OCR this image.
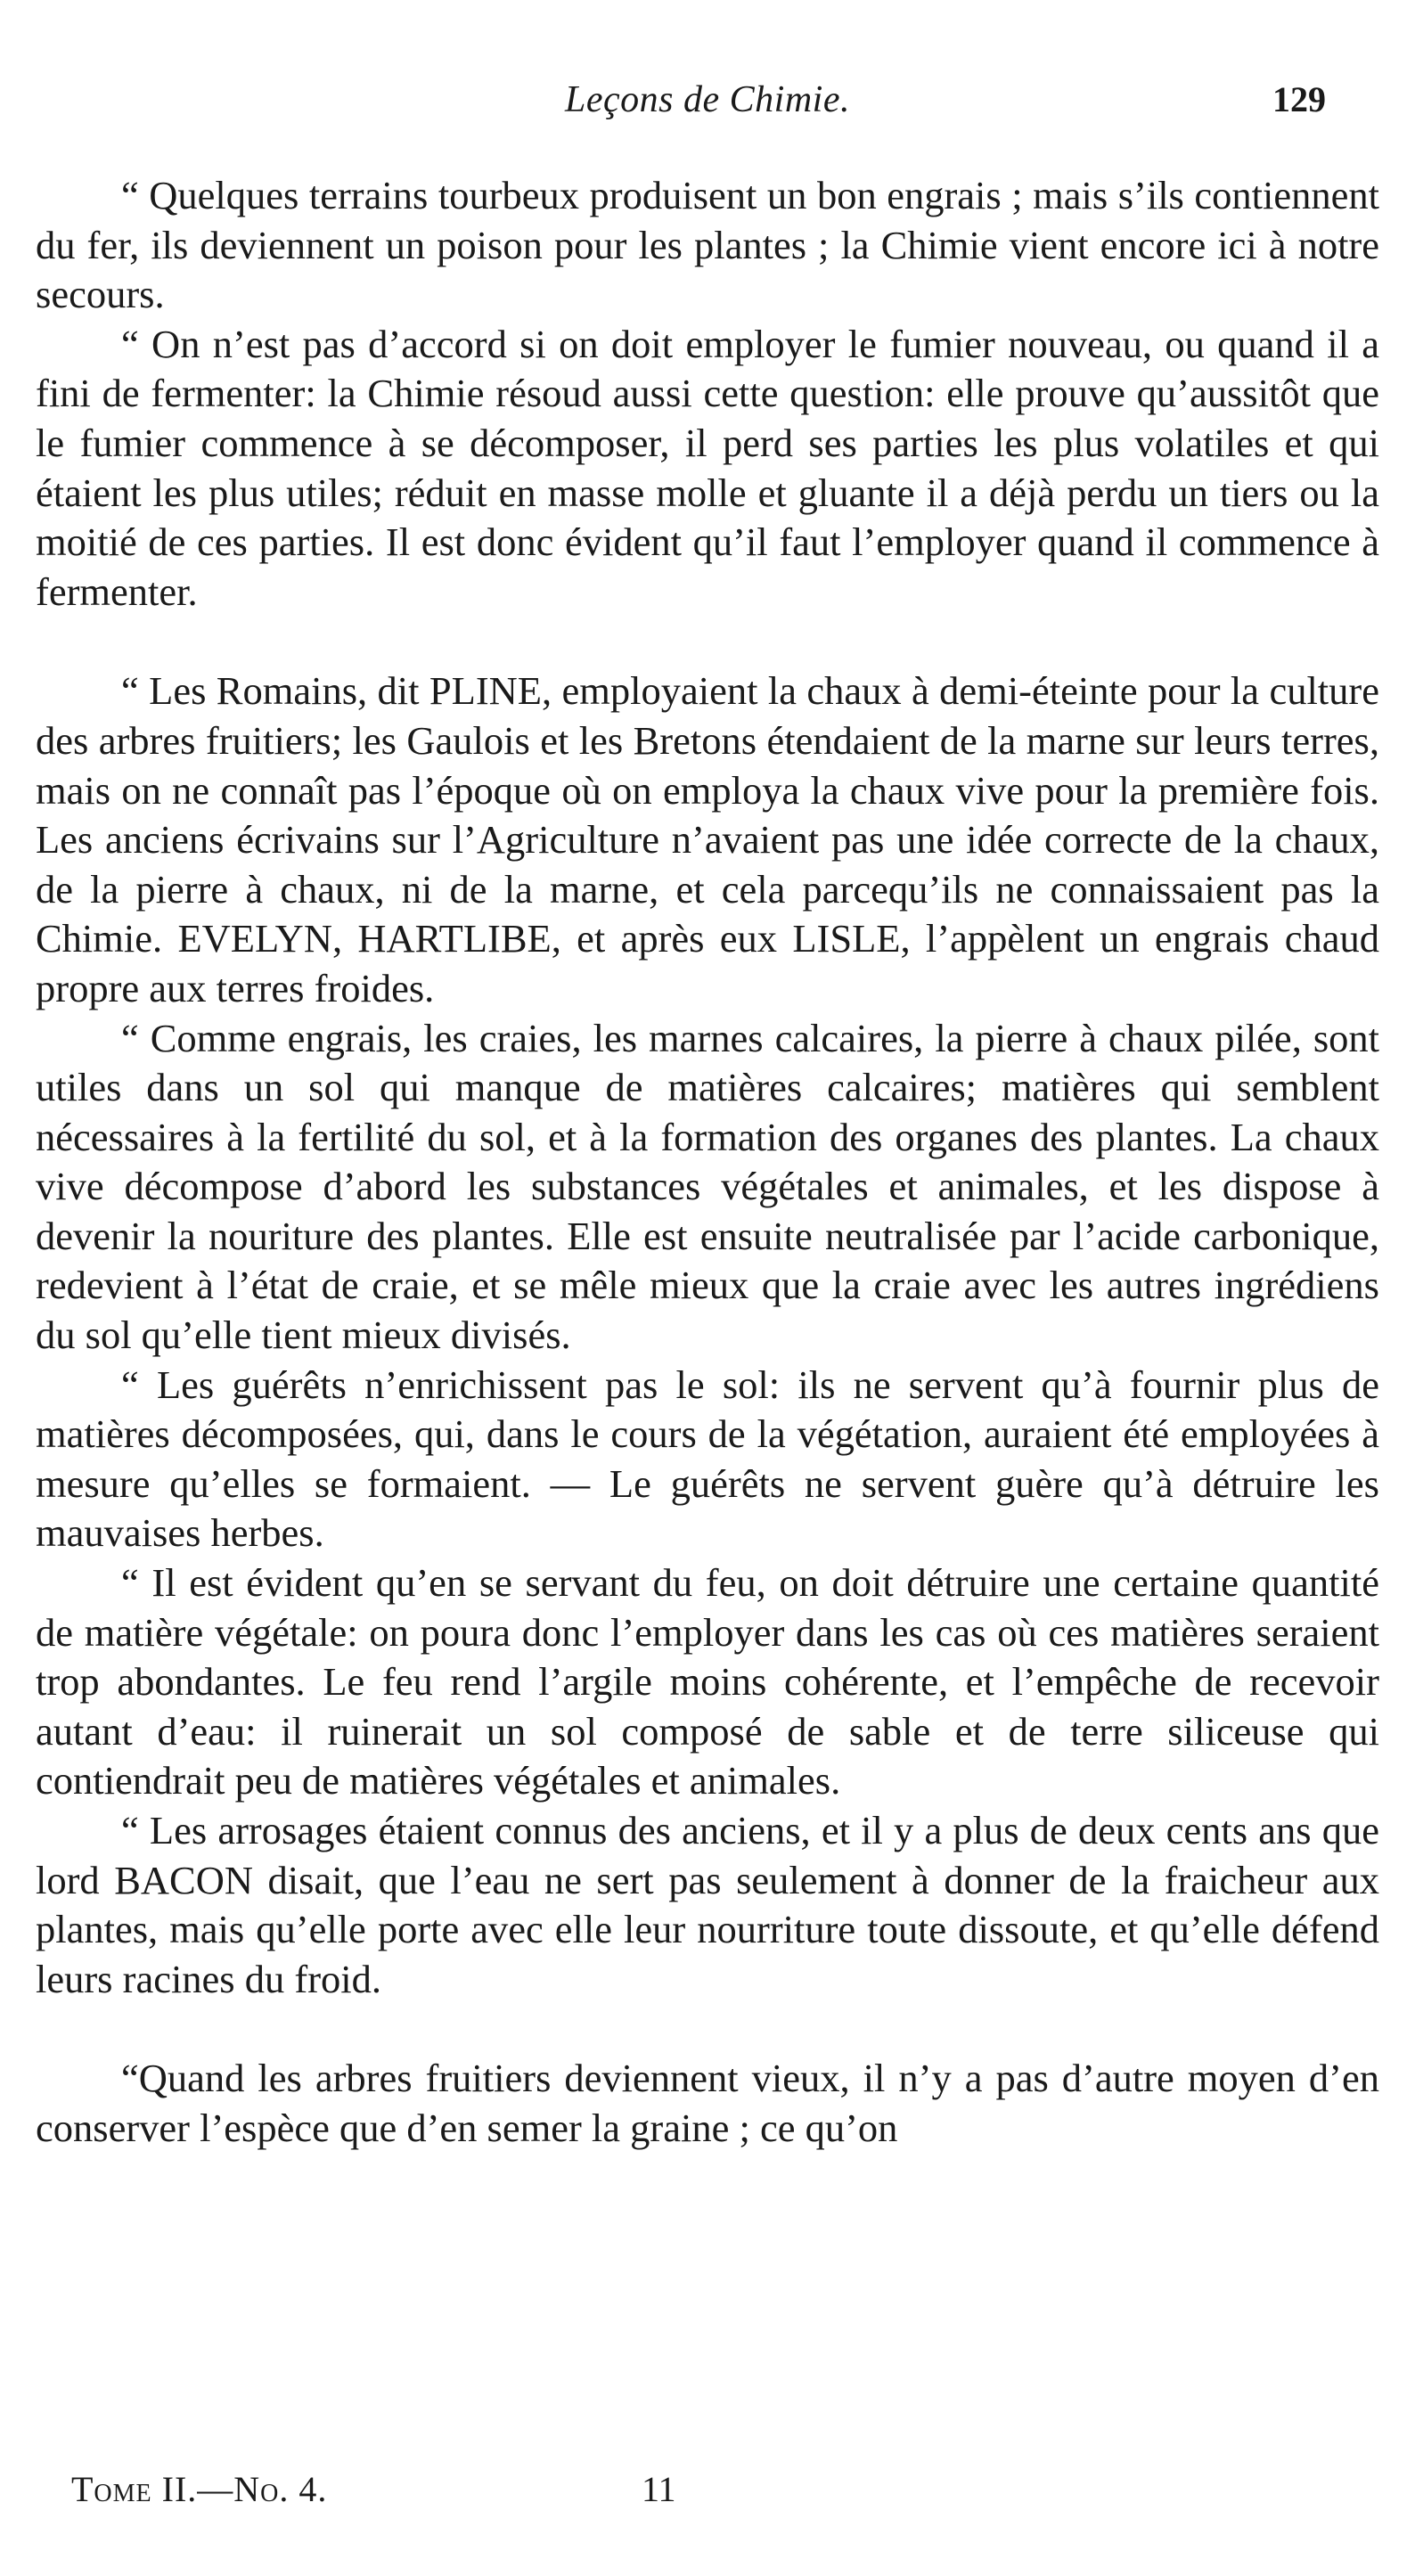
Leçons de Chimie.	129

“ Quelques terrains tourbeux produisent un bon engrais ; mais s’ils contiennent du fer, ils deviennent un poison pour les plantes ; la Chimie vient encore ici à notre secours.

“ On n’est pas d’accord si on doit employer le fumier nouveau, ou quand il a fini de fermenter: la Chimie résoud aussi cette question: elle prouve qu’aussitôt que le fumier commence à se décomposer, il perd ses parties les plus volatiles et qui étaient les plus utiles; réduit en masse molle et gluante il a déjà perdu un tiers ou la moitié de ces parties. Il est donc évident qu’il faut l’employer quand il commence à fermenter.

“ Les Romains, dit PLINE, employaient la chaux à demi-éteinte pour la culture des arbres fruitiers; les Gaulois et les Bretons étendaient de la marne sur leurs terres, mais on ne connaît pas l’époque où on employa la chaux vive pour la première fois. Les anciens écrivains sur l’Agriculture n’avaient pas une idée correcte de la chaux, de la pierre à chaux, ni de la marne, et cela parcequ’ils ne connaissaient pas la Chimie. EVELYN, HARTLIBE, et après eux LISLE, l’appèlent un engrais chaud propre aux terres froides.

“ Comme engrais, les craies, les marnes calcaires, la pierre à chaux pilée, sont utiles dans un sol qui manque de matières calcaires; matières qui semblent nécessaires à la fertilité du sol, et à la formation des organes des plantes. La chaux vive décompose d’abord les substances végétales et animales, et les dispose à devenir la nouriture des plantes. Elle est ensuite neutralisée par l’acide carbonique, redevient à l’état de craie, et se mêle mieux que la craie avec les autres ingrédiens du sol qu’elle tient mieux divisés.

“ Les guérêts n’enrichissent pas le sol: ils ne servent qu’à fournir plus de matières décomposées, qui, dans le cours de la végétation, auraient été employées à mesure qu’elles se formaient. — Le guérêts ne servent guère qu’à détruire les mauvaises herbes.

“ Il est évident qu’en se servant du feu, on doit détruire une certaine quantité de matière végétale: on poura donc l’employer dans les cas où ces matières seraient trop abondantes. Le feu rend l’argile moins cohérente, et l’empêche de recevoir autant d’eau: il ruinerait un sol composé de sable et de terre siliceuse qui contiendrait peu de matières végétales et animales.

“ Les arrosages étaient connus des anciens, et il y a plus de deux cents ans que lord BACON disait, que l’eau ne sert pas seulement à donner de la fraicheur aux plantes, mais qu’elle porte avec elle leur nourriture toute dissoute, et qu’elle défend leurs racines du froid.

“Quand les arbres fruitiers deviennent vieux, il n’y a pas d’autre moyen d’en conserver l’espèce que d’en semer la graine ; ce qu’on

Tome II.—No. 4.	11
